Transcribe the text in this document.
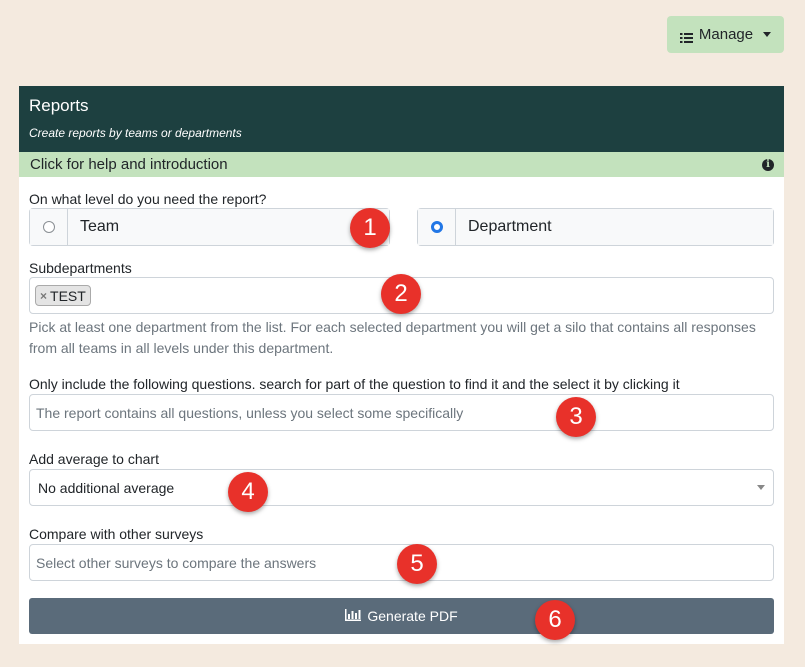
Manage
Reports
Create reports by teams or departments
Click for help and introduction	i
On what level do you need the report?
Team	Department
Subdepartments
× TEST
Pick at least one department from the list. For each selected department you will get a silo that contains all responses from all teams in all levels under this department.
Only include the following questions. search for part of the question to find it and the select it by clicking it
The report contains all questions, unless you select some specifically
Add average to chart
No additional average
Compare with other surveys
Select other surveys to compare the answers
Generate PDF
1
2
3
4
5
6
